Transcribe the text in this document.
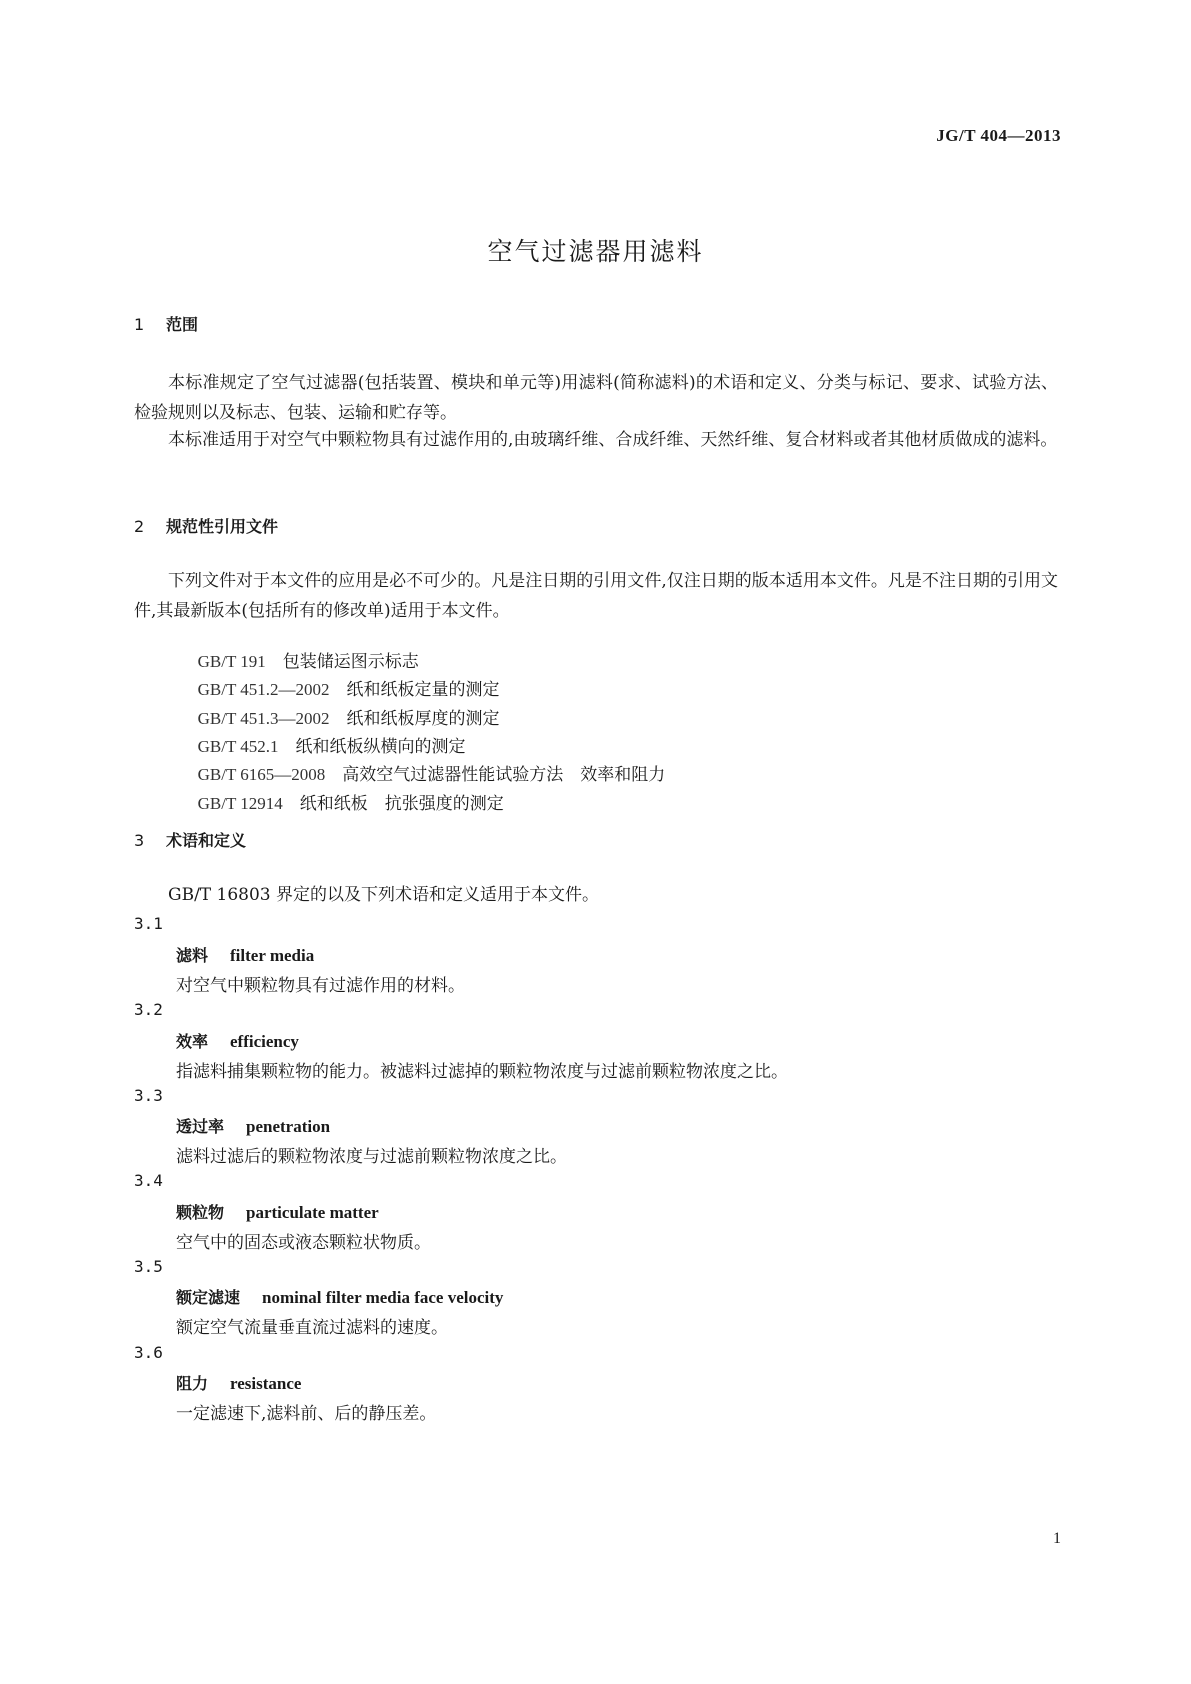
JG/T 404—2013
空气过滤器用滤料
1 范围
本标准规定了空气过滤器(包括装置、模块和单元等)用滤料(简称滤料)的术语和定义、分类与标记、要求、试验方法、检验规则以及标志、包装、运输和贮存等。
本标准适用于对空气中颗粒物具有过滤作用的,由玻璃纤维、合成纤维、天然纤维、复合材料或者其他材质做成的滤料。
2 规范性引用文件
下列文件对于本文件的应用是必不可少的。凡是注日期的引用文件,仅注日期的版本适用本文件。凡是不注日期的引用文件,其最新版本(包括所有的修改单)适用于本文件。

GB/T 191　 包装储运图示标志

GB/T 451.2—2002　 纸和纸板定量的测定

GB/T 451.3—2002　 纸和纸板厚度的测定

GB/T 452.1　 纸和纸板纵横向的测定

GB/T 6165—2008　 高效空气过滤器性能试验方法　效率和阻力

GB/T 12914　 纸和纸板　抗张强度的测定

3 术语和定义
GB/T 16803 界定的以及下列术语和定义适用于本文件。
3.1
滤料 filter media
对空气中颗粒物具有过滤作用的材料。
3.2
效率 efficiency
指滤料捕集颗粒物的能力。被滤料过滤掉的颗粒物浓度与过滤前颗粒物浓度之比。
3.3
透过率 penetration
滤料过滤后的颗粒物浓度与过滤前颗粒物浓度之比。
3.4
颗粒物 particulate matter
空气中的固态或液态颗粒状物质。
3.5
额定滤速 nominal filter media face velocity
额定空气流量垂直流过滤料的速度。
3.6
阻力 resistance
一定滤速下,滤料前、后的静压差。
1
